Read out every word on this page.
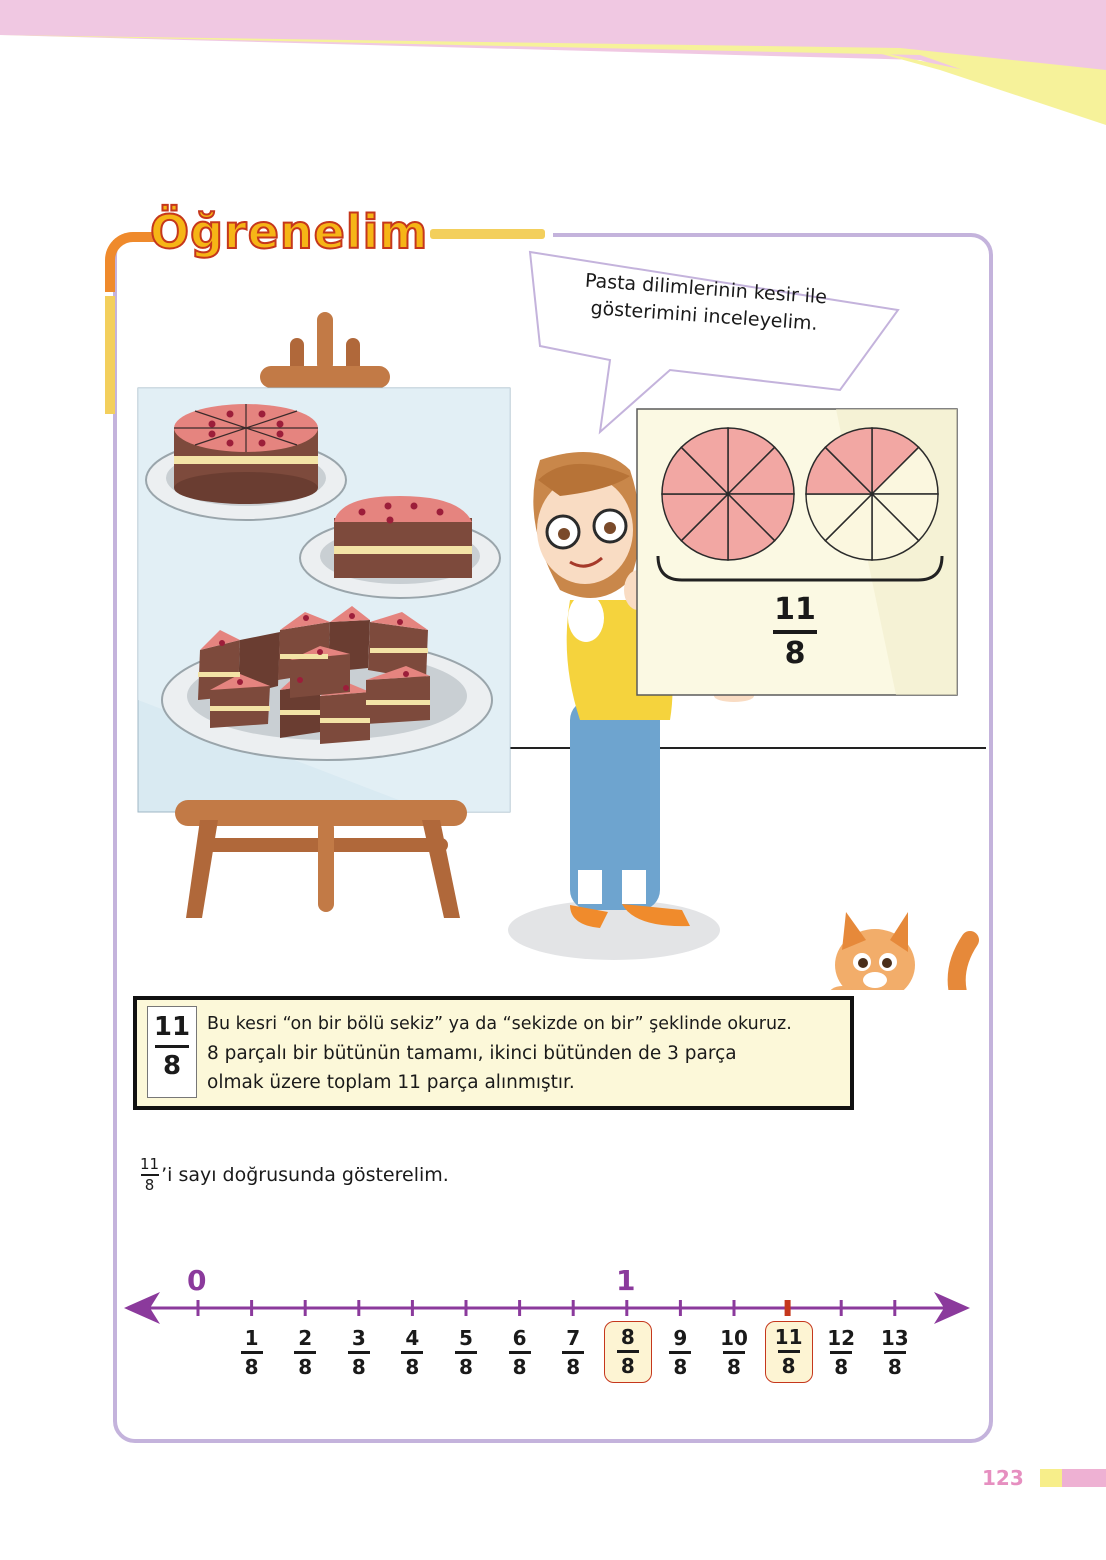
Öğrenelim
Pasta dilimlerinin kesir ile gösterimini inceleyelim.
11
8
11
8
Bu kesri “on bir bölü sekiz” ya da “sekizde on bir” şeklinde okuruz.
8 parçalı bir bütünün tamamı, ikinci bütünden de 3 parça
olmak üzere toplam 11 parça alınmıştır.
11
8 ’i sayı doğrusunda gösterelim.
0	1
1
8
2
8
3
8
4
8
5
8
6
8
7
8
8
8
9
8
10
8
11
8
12
8
13
8
123
